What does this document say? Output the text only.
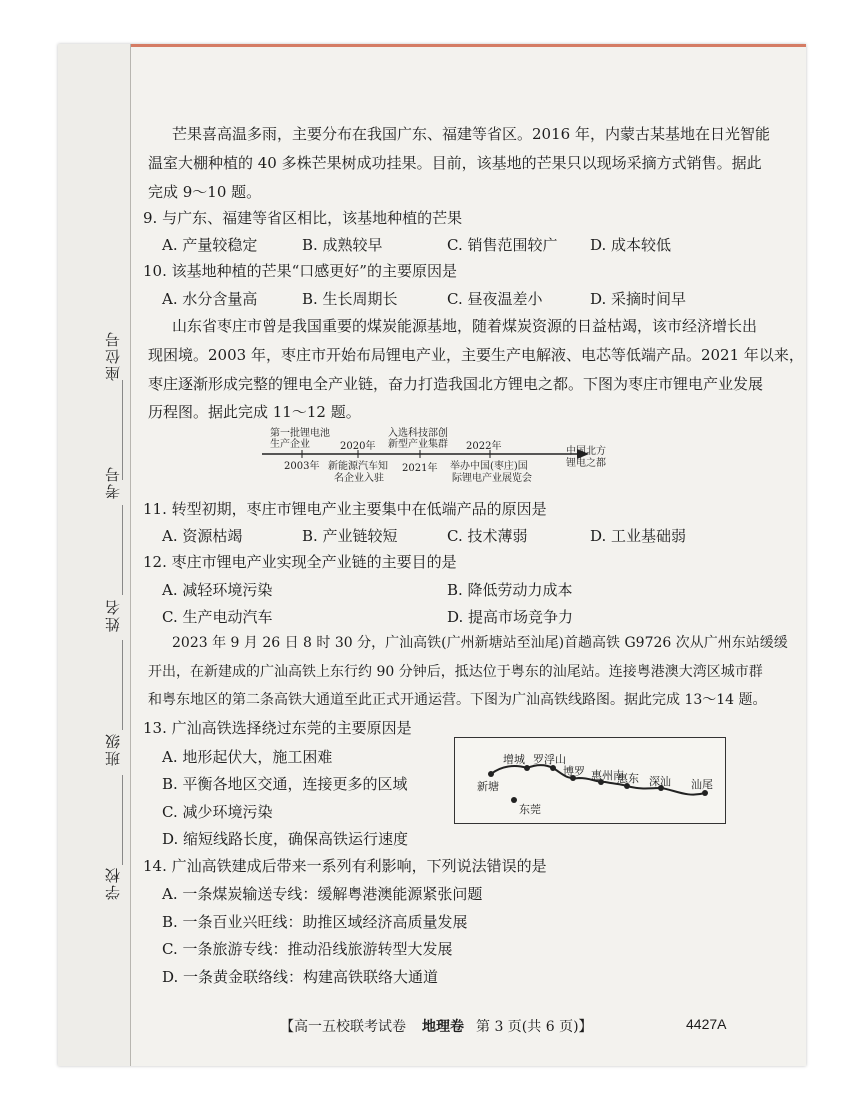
座位号
考号
姓名
班级
学校
芒果喜高温多雨，主要分布在我国广东、福建等省区。2016 年，内蒙古某基地在日光智能
温室大棚种植的 40 多株芒果树成功挂果。目前，该基地的芒果只以现场采摘方式销售。据此
完成 9～10 题。
9. 与广东、福建等省区相比，该基地种植的芒果
A. 产量较稳定	B. 成熟较早	C. 销售范围较广 D. 成本较低
10. 该基地种植的芒果“口感更好”的主要原因是
A. 水分含量高	B. 生长周期长	C. 昼夜温差小	D. 采摘时间早
山东省枣庄市曾是我国重要的煤炭能源基地，随着煤炭资源的日益枯竭，该市经济增长出
现困境。2003 年，枣庄市开始布局锂电产业，主要生产电解液、电芯等低端产品。2021 年以来，
枣庄逐渐形成完整的锂电全产业链，奋力打造我国北方锂电之都。下图为枣庄市锂电产业发展
历程图。据此完成 11～12 题。
第一批锂电池
生产企业	2020年
入选科技部创
新型产业集群 2022年
2003年 新能源汽车知
名企业入驻
2021年 举办中国(枣庄)国
际锂电产业展览会
中国北方
锂电之都
11. 转型初期，枣庄市锂电产业主要集中在低端产品的原因是
A. 资源枯竭	B. 产业链较短	C. 技术薄弱	D. 工业基础弱
12. 枣庄市锂电产业实现全产业链的主要目的是
A. 减轻环境污染	B. 降低劳动力成本
C. 生产电动汽车	D. 提高市场竞争力
2023 年 9 月 26 日 8 时 30 分，广汕高铁(广州新塘站至汕尾)首趟高铁 G9726 次从广州东站缓缓
开出，在新建成的广汕高铁上东行约 90 分钟后，抵达位于粤东的汕尾站。连接粤港澳大湾区城市群
和粤东地区的第二条高铁大通道至此正式开通运营。下图为广汕高铁线路图。据此完成 13～14 题。
13. 广汕高铁选择绕过东莞的主要原因是
A. 地形起伏大，施工困难
B. 平衡各地区交通，连接更多的区域
C. 减少环境污染
D. 缩短线路长度，确保高铁运行速度
新塘
增城 罗浮山
博罗
东莞
惠州南
惠东 深汕 汕尾
14. 广汕高铁建成后带来一系列有利影响，下列说法错误的是
A. 一条煤炭输送专线：缓解粤港澳能源紧张问题
B. 一条百业兴旺线：助推区域经济高质量发展
C. 一条旅游专线：推动沿线旅游转型大发展
D. 一条黄金联络线：构建高铁联络大通道
【高一五校联考试卷 地理卷 第 3 页(共 6 页)】	4427A
